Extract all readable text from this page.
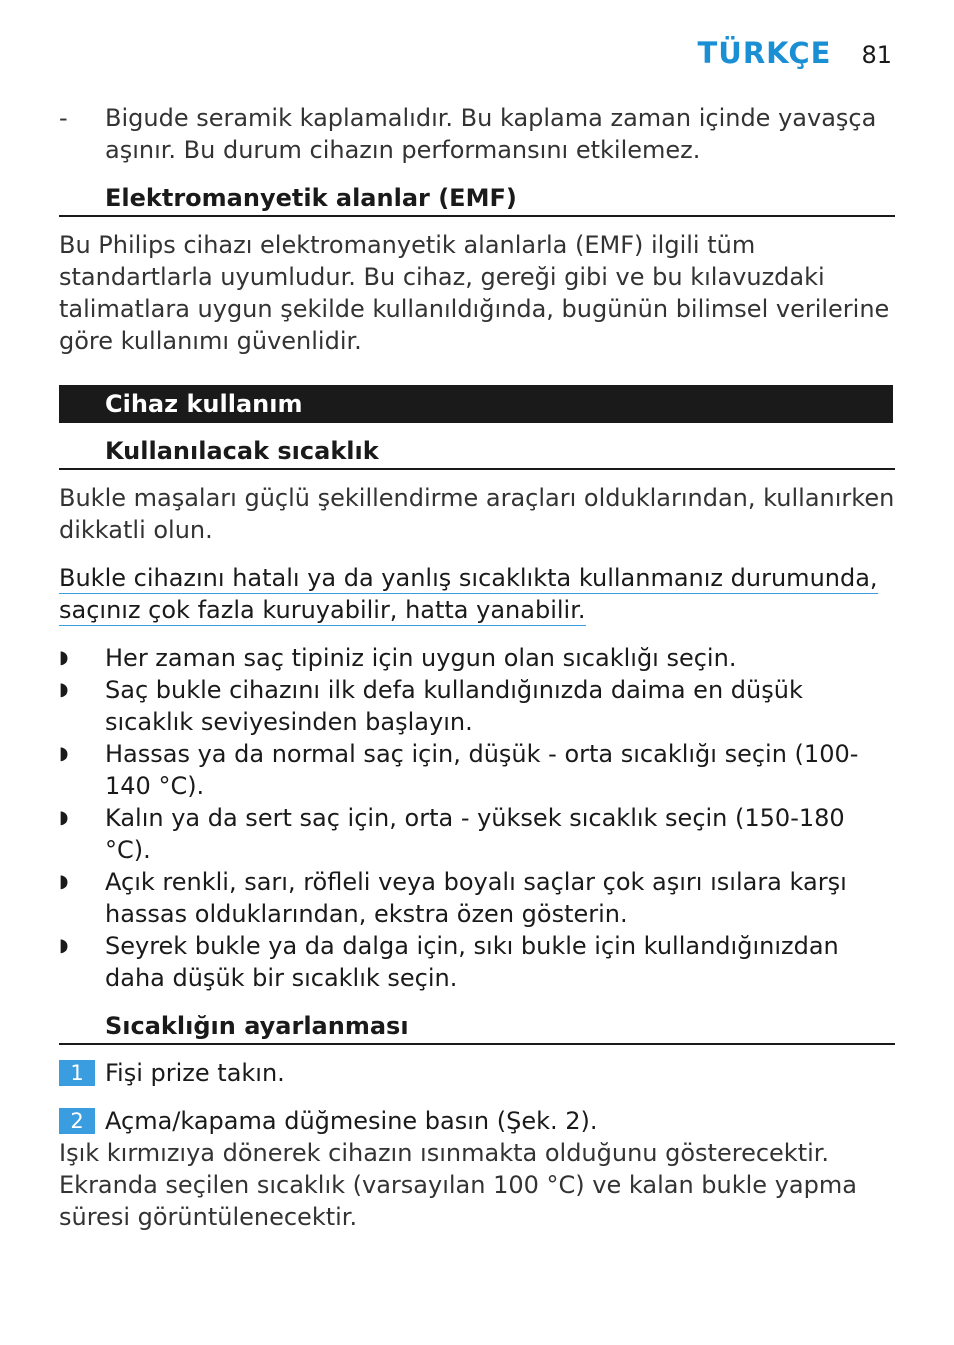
TÜRKÇE 81
-	Bigude seramik kaplamalıdır. Bu kaplama zaman içinde yavaşça aşınır. Bu durum cihazın performansını etkilemez.
Elektromanyetik alanlar (EMF)

Bu Philips cihazı elektromanyetik alanlarla (EMF) ilgili tüm standartlarla uyumludur. Bu cihaz, gereği gibi ve bu kılavuzdaki talimatlara uygun şekilde kullanıldığında, bugünün bilimsel verilerine göre kullanımı güvenlidir.

Cihaz kullanım
Kullanılacak sıcaklık

Bukle maşaları güçlü şekillendirme araçları olduklarından, kullanırken dikkatli olun.

Bukle cihazını hatalı ya da yanlış sıcaklıkta kullanmanız durumunda,
saçınız çok fazla kuruyabilir, hatta yanabilir.
◗	Her zaman saç tipiniz için uygun olan sıcaklığı seçin.
◗	Saç bukle cihazını ilk defa kullandığınızda daima en düşük sıcaklık seviyesinden başlayın.
◗	Hassas ya da normal saç için, düşük - orta sıcaklığı seçin (100-140 °C).
◗	Kalın ya da sert saç için, orta - yüksek sıcaklık seçin (150-180 °C).
◗	Açık renkli, sarı, röfleli veya boyalı saçlar çok aşırı ısılara karşı hassas olduklarından, ekstra özen gösterin.
◗	Seyrek bukle ya da dalga için, sıkı bukle için kullandığınızdan daha düşük bir sıcaklık seçin.
Sıcaklığın ayarlanması
1 Fişi prize takın.
2 Açma/kapama düğmesine basın (Şek. 2).

Işık kırmızıya dönerek cihazın ısınmakta olduğunu gösterecektir.

Ekranda seçilen sıcaklık (varsayılan 100 °C) ve kalan bukle yapma süresi görüntülenecektir.
